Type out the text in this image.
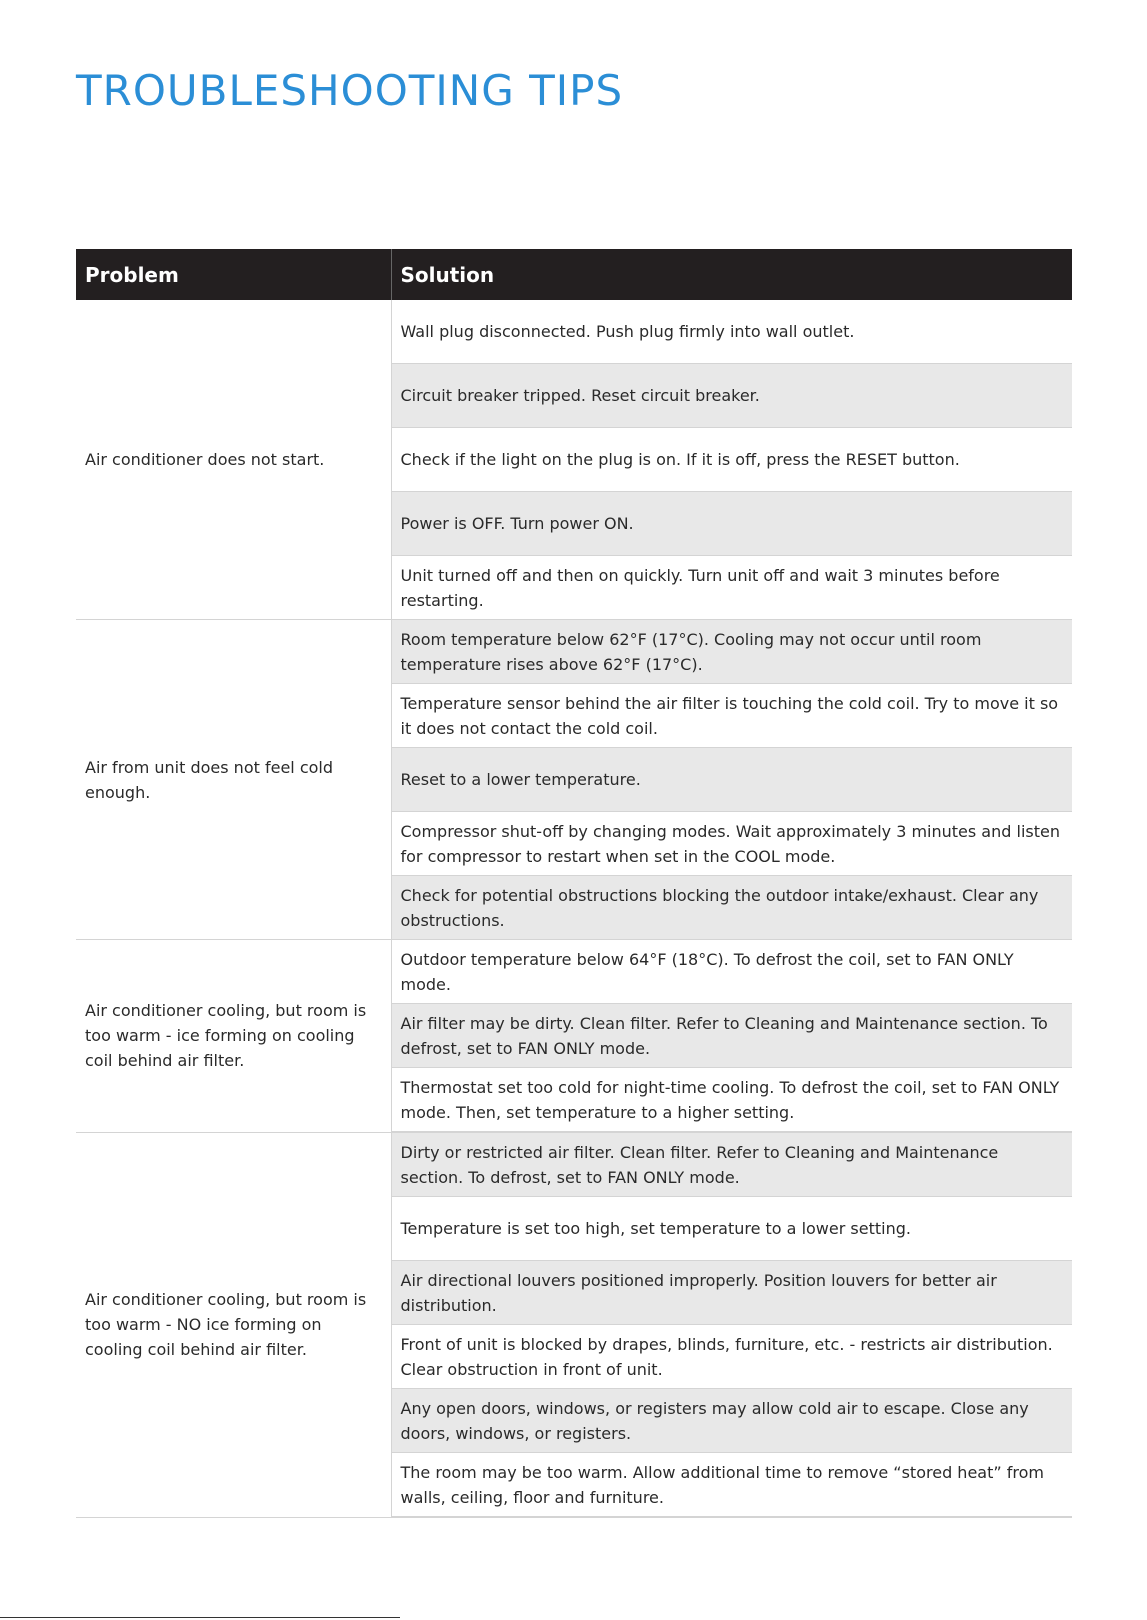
TROUBLESHOOTING TIPS
Problem	Solution
Air conditioner does not start.	Wall plug disconnected. Push plug firmly into wall outlet.
	Circuit breaker tripped. Reset circuit breaker.
	Check if the light on the plug is on. If it is off, press the RESET button.
	Power is OFF. Turn power ON.
	Unit turned off and then on quickly. Turn unit off and wait 3 minutes before restarting.
Air from unit does not feel cold enough.	Room temperature below 62°F (17°C). Cooling may not occur until room temperature rises above 62°F (17°C).
	Temperature sensor behind the air filter is touching the cold coil. Try to move it so it does not contact the cold coil.
	Reset to a lower temperature.
	Compressor shut-off by changing modes. Wait approximately 3 minutes and listen for compressor to restart when set in the COOL mode.
	Check for potential obstructions blocking the outdoor intake/exhaust. Clear any obstructions.
Air conditioner cooling, but room is too warm - ice forming on cooling coil behind air filter.	Outdoor temperature below 64°F (18°C). To defrost the coil, set to FAN ONLY mode.
	Air filter may be dirty. Clean filter. Refer to Cleaning and Maintenance section. To defrost, set to FAN ONLY mode.
	Thermostat set too cold for night-time cooling. To defrost the coil, set to FAN ONLY mode. Then, set temperature to a higher setting.
Air conditioner cooling, but room is too warm - NO ice forming on cooling coil behind air filter.	Dirty or restricted air filter. Clean filter. Refer to Cleaning and Maintenance section. To defrost, set to FAN ONLY mode.
	Temperature is set too high, set temperature to a lower setting.
	Air directional louvers positioned improperly. Position louvers for better air distribution.
	Front of unit is blocked by drapes, blinds, furniture, etc. - restricts air distribution. Clear obstruction in front of unit.
	Any open doors, windows, or registers may allow cold air to escape. Close any doors, windows, or registers.
	The room may be too warm. Allow additional time to remove “stored heat” from walls, ceiling, floor and furniture.
